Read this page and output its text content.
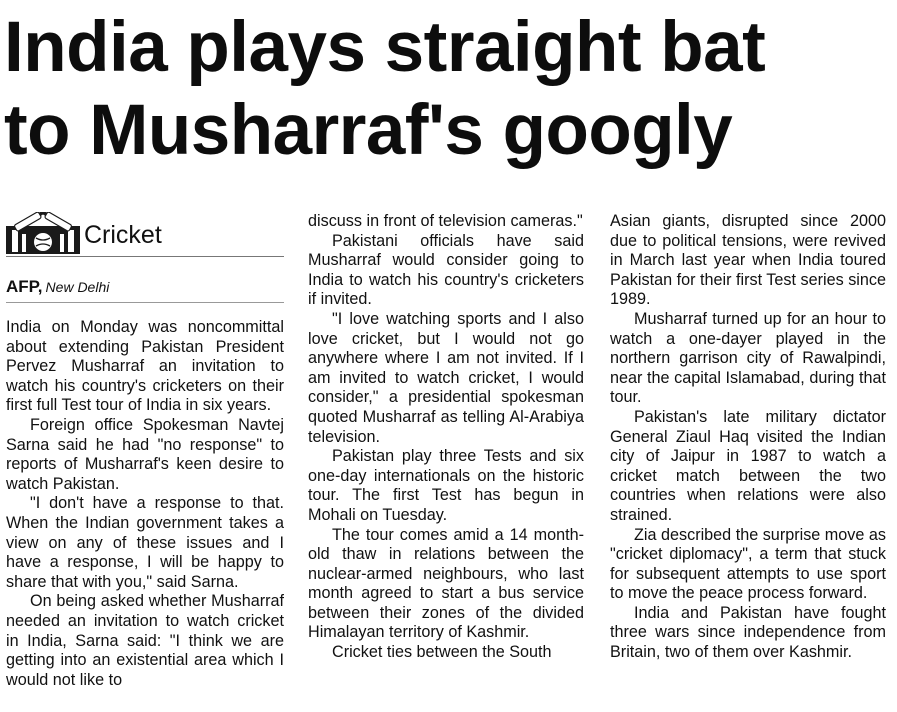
India plays straight bat
to Musharraf's googly
Cricket
AFP, New Delhi

India on Monday was noncommittal about extending Pakistan President Pervez Musharraf an invitation to watch his country's cricketers on their first full Test tour of India in six years.

Foreign office Spokesman Navtej Sarna said he had "no response" to reports of Musharraf's keen desire to watch Pakistan.

"I don't have a response to that. When the Indian government takes a view on any of these issues and I have a response, I will be happy to share that with you," said Sarna.

On being asked whether Musharraf needed an invitation to watch cricket in India, Sarna said: "I think we are getting into an existential area which I would not like to

discuss in front of television cameras."

Pakistani officials have said Musharraf would consider going to India to watch his country's cricketers if invited.

"I love watching sports and I also love cricket, but I would not go anywhere where I am not invited. If I am invited to watch cricket, I would consider," a presidential spokesman quoted Musharraf as telling Al-Arabiya television.

Pakistan play three Tests and six one-day internationals on the historic tour. The first Test has begun in Mohali on Tuesday.

The tour comes amid a 14 month-old thaw in relations between the nuclear-armed neighbours, who last month agreed to start a bus service between their zones of the divided Himalayan territory of Kashmir.

Cricket ties between the South

Asian giants, disrupted since 2000 due to political tensions, were revived in March last year when India toured Pakistan for their first Test series since 1989.

Musharraf turned up for an hour to watch a one-dayer played in the northern garrison city of Rawalpindi, near the capital Islamabad, during that tour.

Pakistan's late military dictator General Ziaul Haq visited the Indian city of Jaipur in 1987 to watch a cricket match between the two countries when relations were also strained.

Zia described the surprise move as "cricket diplomacy", a term that stuck for subsequent attempts to use sport to move the peace process forward.

India and Pakistan have fought three wars since independence from Britain, two of them over Kashmir.
